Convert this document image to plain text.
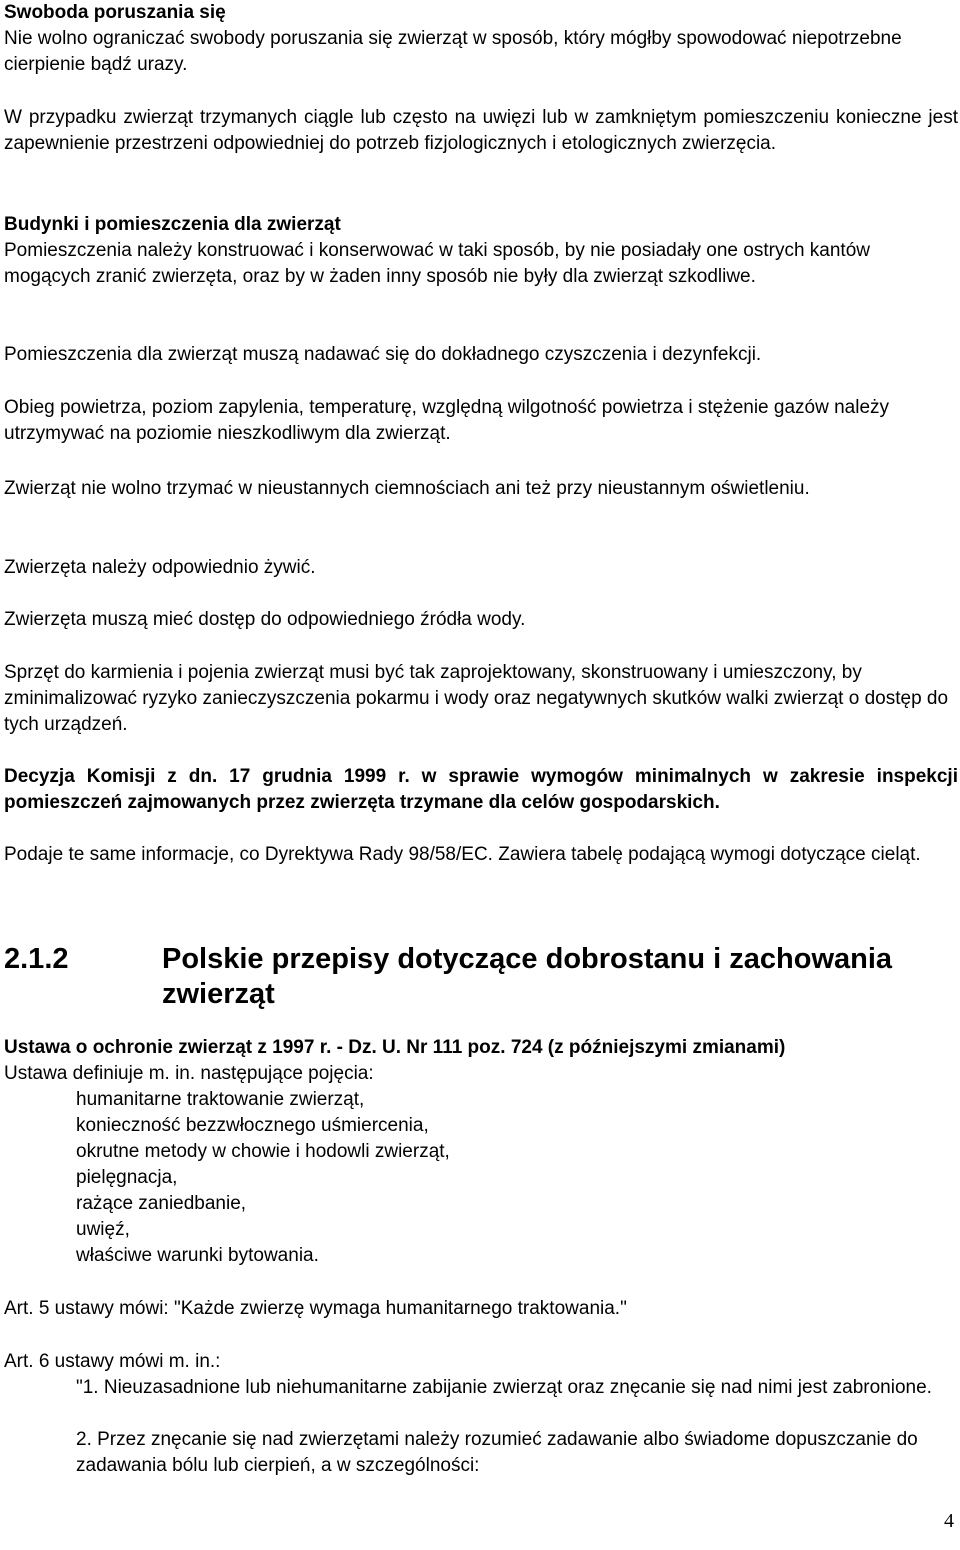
Swoboda poruszania się

Nie wolno ograniczać swobody poruszania się zwierząt w sposób, który mógłby spowodować niepotrzebne cierpienie bądź urazy.

W przypadku zwierząt trzymanych ciągle lub często na uwięzi lub w zamkniętym pomieszczeniu konieczne jest zapewnienie przestrzeni odpowiedniej do potrzeb fizjologicznych i etologicznych zwierzęcia.

Budynki i pomieszczenia dla zwierząt

Pomieszczenia należy konstruować i konserwować w taki sposób, by nie posiadały one ostrych kantów mogących zranić zwierzęta, oraz by w żaden inny sposób nie były dla zwierząt szkodliwe.

Pomieszczenia dla zwierząt muszą nadawać się do dokładnego czyszczenia i dezynfekcji.

Obieg powietrza, poziom zapylenia, temperaturę, względną wilgotność powietrza i stężenie gazów należy utrzymywać na poziomie nieszkodliwym dla zwierząt.

Zwierząt nie wolno trzymać w nieustannych ciemnościach ani też przy nieustannym oświetleniu.

Zwierzęta należy odpowiednio żywić.

Zwierzęta muszą mieć dostęp do odpowiedniego źródła wody.

Sprzęt do karmienia i pojenia zwierząt musi być tak zaprojektowany, skonstruowany i umieszczony, by zminimalizować ryzyko zanieczyszczenia pokarmu i wody oraz negatywnych skutków walki zwierząt o dostęp do tych urządzeń.

Decyzja Komisji z dn. 17 grudnia 1999 r. w sprawie wymogów minimalnych w zakresie inspekcji pomieszczeń zajmowanych przez zwierzęta trzymane dla celów gospodarskich.

Podaje te same informacje, co Dyrektywa Rady 98/58/EC. Zawiera tabelę podającą wymogi dotyczące cieląt.

2.1.2	Polskie przepisy dotyczące dobrostanu i zachowania zwierząt
Ustawa o ochronie zwierząt z 1997 r. - Dz. U. Nr 111 poz. 724 (z późniejszymi zmianami)

Ustawa definiuje m. in. następujące pojęcia:

humanitarne traktowanie zwierząt,
konieczność bezzwłocznego uśmiercenia,
okrutne metody w chowie i hodowli zwierząt,
pielęgnacja,
rażące zaniedbanie,
uwięź,
właściwe warunki bytowania.

Art. 5 ustawy mówi: "Każde zwierzę wymaga humanitarnego traktowania."

Art. 6 ustawy mówi m. in.:

"1. Nieuzasadnione lub niehumanitarne zabijanie zwierząt oraz znęcanie się nad nimi jest zabronione.

2. Przez znęcanie się nad zwierzętami należy rozumieć zadawanie albo świadome dopuszczanie do zadawania bólu lub cierpień, a w szczególności:

4
